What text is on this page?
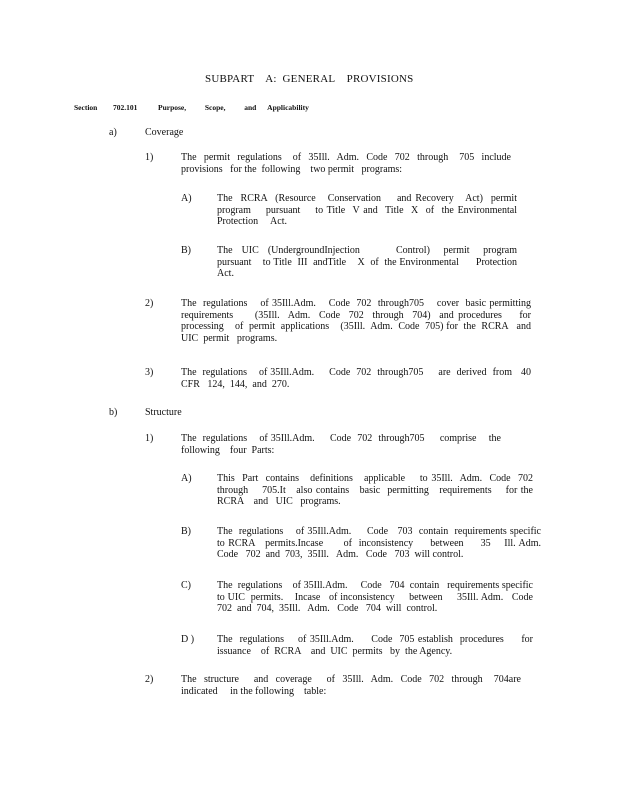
SUBPART    A:  GENERAL    PROVISIONS
Section 702.101	Purpose,          Scope,          and      Applicability
a)	Coverage
1)	The  permit  regulations   of  35Ill.  Adm.  Code  702  through   705  include provisions   for the  following    two permit   programs:
A)	The  RCRA  (Resource   Conservation    and Recovery   Act)  permit program    pursuant    to Title  V and  Title  X  of  the Environmental Protection     Act.
B)	The  UIC  (UndergroundInjection        Control)   permit   program pursuant    to Title  III  andTitle    X  of  the Environmental      Protection Act.
2)	The  regulations    of 35Ill.Adm.    Code  702  through705    cover  basic permitting    requirements     (35Ill.  Adm.  Code  702  through  704)  and procedures    for  processing    of  permit  applications    (35Ill.  Adm.  Code  705) for  the  RCRA   and  UIC  permit   programs.
3)	The  regulations    of 35Ill.Adm.     Code  702  through705     are  derived  from   40 CFR   124,  144,  and  270.
b)	Structure
1)	The  regulations    of 35Ill.Adm.     Code  702  through705     comprise    the following    four  Parts:
A)	This  Part  contains   definitions   applicable    to 35Ill.  Adm.  Code  702 through    705.It   also contains   basic  permitting   requirements    for the RCRA    and   UIC   programs.
B)	The  regulations    of 35Ill.Adm.     Code   703  contain  requirements specific    to RCRA   permits.Incase      of  inconsistency     between     35    Ill. Adm.   Code   702  and  703,  35Ill.   Adm.   Code   703  will control.
C)	The  regulations    of 35Ill.Adm.     Code   704  contain   requirements specific    to UIC  permits.    Incase   of inconsistency     between     35Ill. Adm.   Code   702  and  704,  35Ill.   Adm.   Code   704  will  control.
D ) The  regulations    of 35Ill.Adm.     Code  705 establish  procedures     for issuance    of  RCRA    and  UIC  permits   by  the Agency.
2)	The  structure    and  coverage    of  35Ill.  Adm.  Code  702  through   704are indicated     in the following    table:
